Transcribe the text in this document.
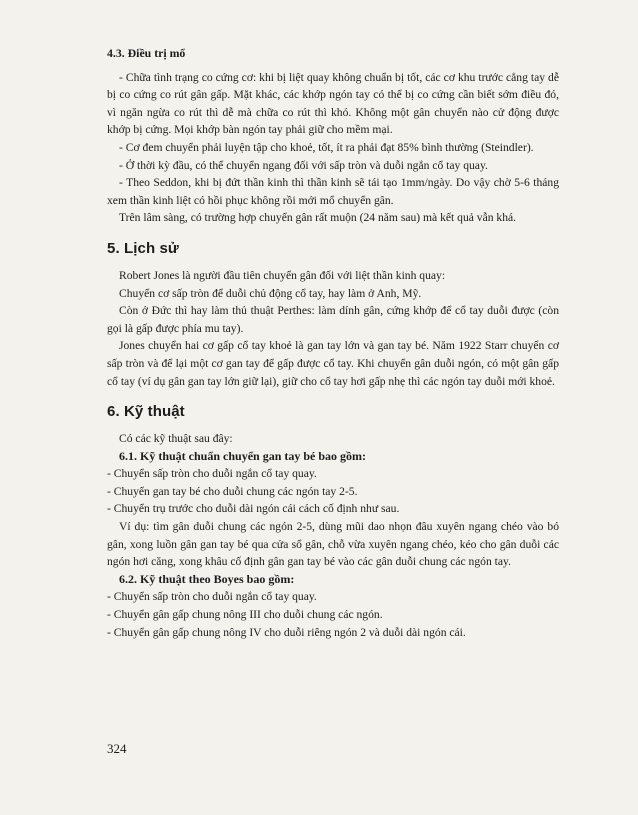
4.3. Điều trị mổ

- Chữa tình trạng co cứng cơ: khi bị liệt quay không chuẩn bị tốt, các cơ khu trước cẳng tay dễ bị co cứng co rút gân gấp. Mặt khác, các khớp ngón tay có thể bị co cứng cần biết sớm điều đó, vì ngăn ngừa co rút thì dễ mà chữa co rút thì khó. Không một gân chuyển nào cử động được khớp bị cứng. Mọi khớp bàn ngón tay phải giữ cho mềm mại.

- Cơ đem chuyển phải luyện tập cho khoẻ, tốt, ít ra phải đạt 85% bình thường (Steindler).

- Ở thời kỳ đầu, có thể chuyển ngang đối với sấp tròn và duỗi ngắn cổ tay quay.

- Theo Seddon, khi bị đứt thần kinh thì thần kinh sẽ tái tạo 1mm/ngày. Do vậy chờ 5-6 tháng xem thần kinh liệt có hồi phục không rồi mới mổ chuyển gân.

Trên lâm sàng, có trường hợp chuyển gân rất muộn (24 năm sau) mà kết quả vẫn khá.

5. Lịch sử

Robert Jones là người đầu tiên chuyển gân đối với liệt thần kinh quay:

Chuyển cơ sấp tròn để duỗi chủ động cổ tay, hay làm ở Anh, Mỹ.

Còn ở Đức thì hay làm thủ thuật Perthes: làm dính gân, cứng khớp để cổ tay duỗi được (còn gọi là gấp được phía mu tay).

Jones chuyển hai cơ gấp cổ tay khoẻ là gan tay lớn và gan tay bé. Năm 1922 Starr chuyển cơ sấp tròn và để lại một cơ gan tay để gấp được cổ tay. Khi chuyển gân duỗi ngón, có một gân gấp cổ tay (ví dụ gân gan tay lớn giữ lại), giữ cho cổ tay hơi gấp nhẹ thì các ngón tay duỗi mới khoẻ.

6. Kỹ thuật

Có các kỹ thuật sau đây:

6.1. Kỹ thuật chuẩn chuyển gan tay bé bao gồm:

- Chuyển sấp tròn cho duỗi ngắn cổ tay quay.

- Chuyển gan tay bé cho duỗi chung các ngón tay 2-5.

- Chuyển trụ trước cho duỗi dài ngón cái cách cố định như sau.

Ví dụ: tìm gân duỗi chung các ngón 2-5, dùng mũi dao nhọn đâu xuyên ngang chéo vào bó gân, xong luồn gân gan tay bé qua cửa sổ gân, chỗ vừa xuyên ngang chéo, kéo cho gân duỗi các ngón hơi căng, xong khâu cố định gân gan tay bé vào các gân duỗi chung các ngón tay.

6.2. Kỹ thuật theo Boyes bao gồm:

- Chuyển sấp tròn cho duỗi ngắn cổ tay quay.

- Chuyển gân gấp chung nông III cho duỗi chung các ngón.

- Chuyển gân gấp chung nông IV cho duỗi riêng ngón 2 và duỗi dài ngón cái.

324
